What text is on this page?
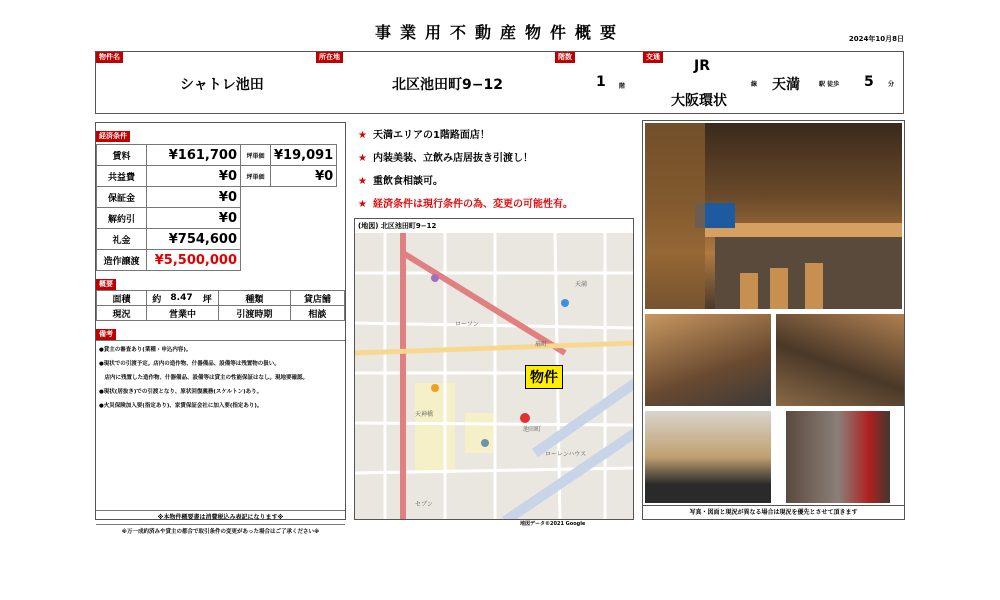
事業用不動産物件概要	2024年10月8日
物件名
シャトレ池田
所在地
北区池田町9−12
階数
1 階
交通
JR
大阪環状
線 天満	駅 徒歩 5 分
経済条件
賃料	¥161,700	坪単価	¥19,091
共益費	¥0	坪単価	¥0
保証金	¥0		
解約引	¥0		
礼金	¥754,600		
造作譲渡	¥5,500,000		
概要
面積	約	8.47	坪	種類	貸店舗
現況	営業中			引渡時期	相談
備考
●貸主の審査あり(業種・申込内容)。
●現状での引渡予定。店内の造作物、什器備品、設備等は残置物の扱い。
　店内に残置した造作物、什器備品、設備等は貸主の性能保証はなし。現地要確認。
●現状(居抜き)での引渡となり、原状回復義務(スケルトン)あり。
●火災保険加入要(指定あり)、家賃保証会社に加入要(指定あり)。
※本物件概要書は消費税込み表記になります※
※万一成約済みや貸主の都合で取引条件の変更があった場合はご了承ください※
★ 天満エリアの1階路面店！
★ 内装美装、立飲み店居抜き引渡し！
★ 重飲食相談可。
★ 経済条件は現行条件の為、変更の可能性有。
(地図) 北区池田町9−12
物件
池田町
扇町
天神橋
ローソン
ローレンハウス
天満
セブン
地図データ©2021 Google
写真・図面と現況が異なる場合は現況を優先とさせて頂きます
